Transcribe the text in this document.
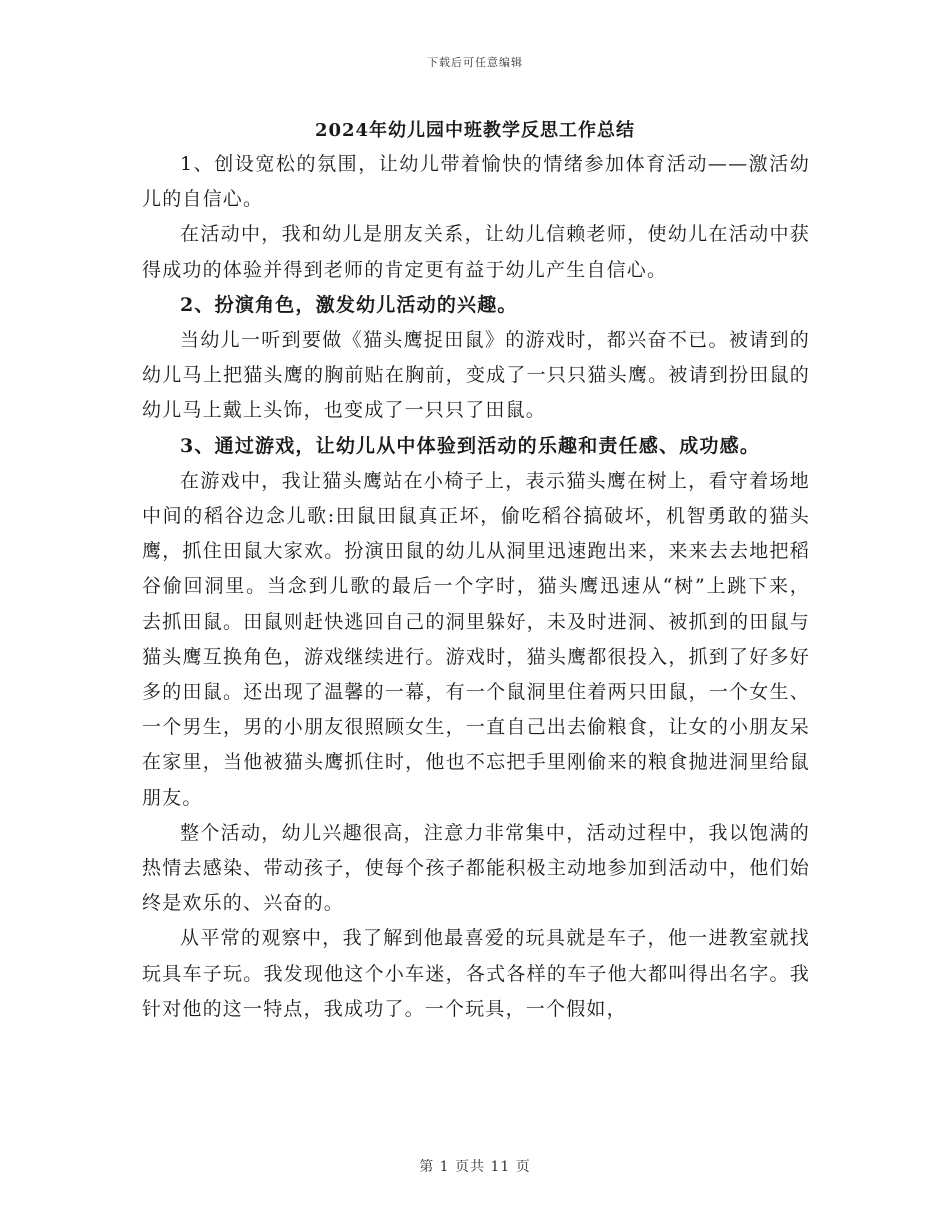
下载后可任意编辑
2024年幼儿园中班教学反思工作总结

1、创设宽松的氛围，让幼儿带着愉快的情绪参加体育活动——激活幼儿的自信心。

在活动中，我和幼儿是朋友关系，让幼儿信赖老师，使幼儿在活动中获得成功的体验并得到老师的肯定更有益于幼儿产生自信心。

2、扮演角色，激发幼儿活动的兴趣。

当幼儿一听到要做《猫头鹰捉田鼠》的游戏时，都兴奋不已。被请到的幼儿马上把猫头鹰的胸前贴在胸前，变成了一只只猫头鹰。被请到扮田鼠的幼儿马上戴上头饰，也变成了一只只了田鼠。

3、通过游戏，让幼儿从中体验到活动的乐趣和责任感、成功感。

在游戏中，我让猫头鹰站在小椅子上，表示猫头鹰在树上，看守着场地中间的稻谷边念儿歌:田鼠田鼠真正坏，偷吃稻谷搞破坏，机智勇敢的猫头鹰，抓住田鼠大家欢。扮演田鼠的幼儿从洞里迅速跑出来，来来去去地把稻谷偷回洞里。当念到儿歌的最后一个字时，猫头鹰迅速从“树”上跳下来，去抓田鼠。田鼠则赶快逃回自己的洞里躲好，未及时进洞、被抓到的田鼠与猫头鹰互换角色，游戏继续进行。游戏时，猫头鹰都很投入，抓到了好多好多的田鼠。还出现了温馨的一幕，有一个鼠洞里住着两只田鼠，一个女生、一个男生，男的小朋友很照顾女生，一直自己出去偷粮食，让女的小朋友呆在家里，当他被猫头鹰抓住时，他也不忘把手里刚偷来的粮食抛进洞里给鼠朋友。

整个活动，幼儿兴趣很高，注意力非常集中，活动过程中，我以饱满的热情去感染、带动孩子，使每个孩子都能积极主动地参加到活动中，他们始终是欢乐的、兴奋的。

从平常的观察中，我了解到他最喜爱的玩具就是车子，他一进教室就找玩具车子玩。我发现他这个小车迷，各式各样的车子他大都叫得出名字。我针对他的这一特点，我成功了。一个玩具，一个假如，

第 1 页共 11 页
